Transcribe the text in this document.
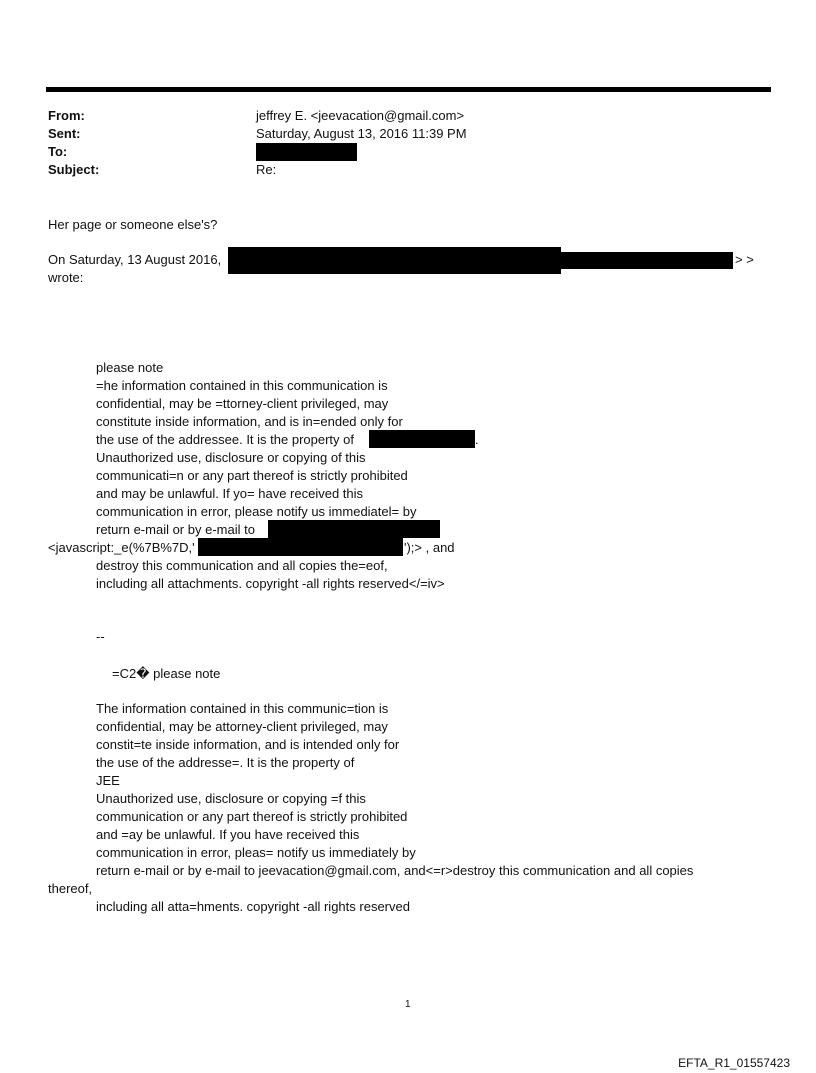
From:	jeffrey E. <jeevacation@gmail.com>
Sent:	Saturday, August 13, 2016 11:39 PM
To:
Subject:	Re:
Her page or someone else's?
On Saturday, 13 August 2016,	> >
wrote:
please note
=he information contained in this communication is
confidential, may be =ttorney-client privileged, may
constitute inside information, and is in=ended only for
the use of the addressee. It is the property of	.
Unauthorized use, disclosure or copying of this
communicati=n or any part thereof is strictly prohibited
and may be unlawful. If yo= have received this
communication in error, please notify us immediatel= by
return e-mail or by e-mail to
<javascript:_e(%7B%7D,'	');> , and
destroy this communication and all copies the=eof,
including all attachments. copyright -all rights reserved</=iv>
--
=C2� please note
The information contained in this communic=tion is
confidential, may be attorney-client privileged, may
constit=te inside information, and is intended only for
the use of the addresse=. It is the property of
JEE
Unauthorized use, disclosure or copying =f this
communication or any part thereof is strictly prohibited
and =ay be unlawful. If you have received this
communication in error, pleas= notify us immediately by
return e-mail or by e-mail to jeevacation@gmail.com, and<=r>destroy this communication and all copies
thereof,
including all atta=hments. copyright -all rights reserved
1
EFTA_R1_01557423
